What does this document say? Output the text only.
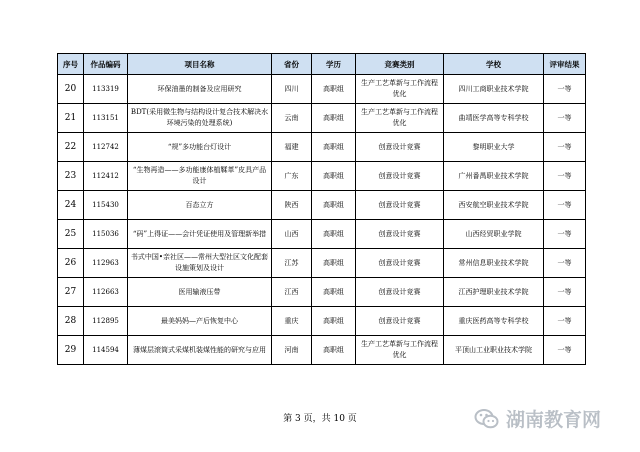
序号	作品编码	项目名称	省份	学历	竞赛类别	学校	评审结果
20	113319	环保油墨的制备及应用研究	四川	高职组	生产工艺革新与工作流程优化	四川工商职业技术学院	一等
21	113151	BDT(采用微生物与结构设计复合技术解决水环境污染的处理系统)	云南	高职组	生产工艺革新与工作流程优化	曲靖医学高等专科学校	一等
22	112742	“规”多功能台灯设计	福建	高职组	创意设计竞赛	黎明职业大学	一等
23	112412	“生物再造——多功能康体植鞣革”皮具产品设计	广东	高职组	创意设计竞赛	广州番禺职业技术学院	一等
24	115430	百态立方	陕西	高职组	创意设计竞赛	西安航空职业技术学院	一等
25	115036	“码”上得证——会计凭证使用及管理新举措	山西	高职组	创意设计竞赛	山西经贸职业学院	一等
26	112963	书式中国•亲社区——常州大型社区文化配套设施策划及设计	江苏	高职组	创意设计竞赛	常州信息职业技术学院	一等
27	112663	医用输液压带	江西	高职组	创意设计竞赛	江西护理职业技术学院	一等
28	112895	最美妈妈—产后恢复中心	重庆	高职组	创意设计竞赛	重庆医药高等专科学校	一等
29	114594	薄煤层滚筒式采煤机装煤性能的研究与应用	河南	高职组	生产工艺革新与工作流程优化	平顶山工业职业技术学院	一等
第 3 页，共 10 页	湖南教育网
